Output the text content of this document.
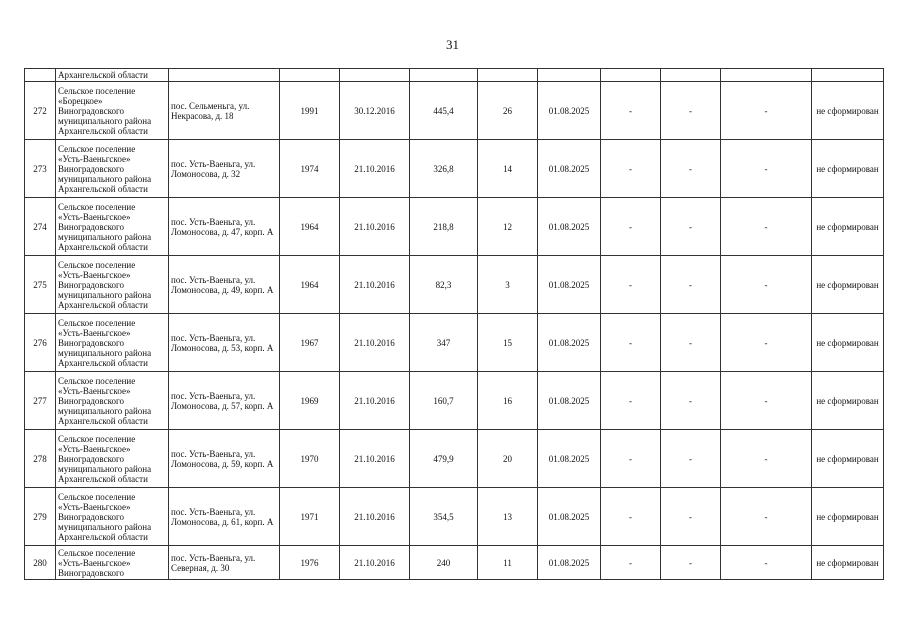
31
	Архангельской области										
272	Сельское поселение
«Борецкое»
Виноградовского
муниципального района
Архангельской области	пос. Сельменьга, ул. Некрасова, д. 18	1991	30.12.2016	445,4	26	01.08.2025	-	-	-	не сформирован
273	Сельское поселение
«Усть-Ваеньгское»
Виноградовского
муниципального района
Архангельской области	пос. Усть-Ваеньга, ул. Ломоносова, д. 32	1974	21.10.2016	326,8	14	01.08.2025	-	-	-	не сформирован
274	Сельское поселение
«Усть-Ваеньгское»
Виноградовского
муниципального района
Архангельской области	пос. Усть-Ваеньга, ул. Ломоносова, д. 47, корп. А	1964	21.10.2016	218,8	12	01.08.2025	-	-	-	не сформирован
275	Сельское поселение
«Усть-Ваеньгское»
Виноградовского
муниципального района
Архангельской области	пос. Усть-Ваеньга, ул. Ломоносова, д. 49, корп. А	1964	21.10.2016	82,3	3	01.08.2025	-	-	-	не сформирован
276	Сельское поселение
«Усть-Ваеньгское»
Виноградовского
муниципального района
Архангельской области	пос. Усть-Ваеньга, ул. Ломоносова, д. 53, корп. А	1967	21.10.2016	347	15	01.08.2025	-	-	-	не сформирован
277	Сельское поселение
«Усть-Ваеньгское»
Виноградовского
муниципального района
Архангельской области	пос. Усть-Ваеньга, ул. Ломоносова, д. 57, корп. А	1969	21.10.2016	160,7	16	01.08.2025	-	-	-	не сформирован
278	Сельское поселение
«Усть-Ваеньгское»
Виноградовского
муниципального района
Архангельской области	пос. Усть-Ваеньга, ул. Ломоносова, д. 59, корп. А	1970	21.10.2016	479,9	20	01.08.2025	-	-	-	не сформирован
279	Сельское поселение
«Усть-Ваеньгское»
Виноградовского
муниципального района
Архангельской области	пос. Усть-Ваеньга, ул. Ломоносова, д. 61, корп. А	1971	21.10.2016	354,5	13	01.08.2025	-	-	-	не сформирован
280	Сельское поселение
«Усть-Ваеньгское»
Виноградовского	пос. Усть-Ваеньга, ул. Северная, д. 30	1976	21.10.2016	240	11	01.08.2025	-	-	-	не сформирован
